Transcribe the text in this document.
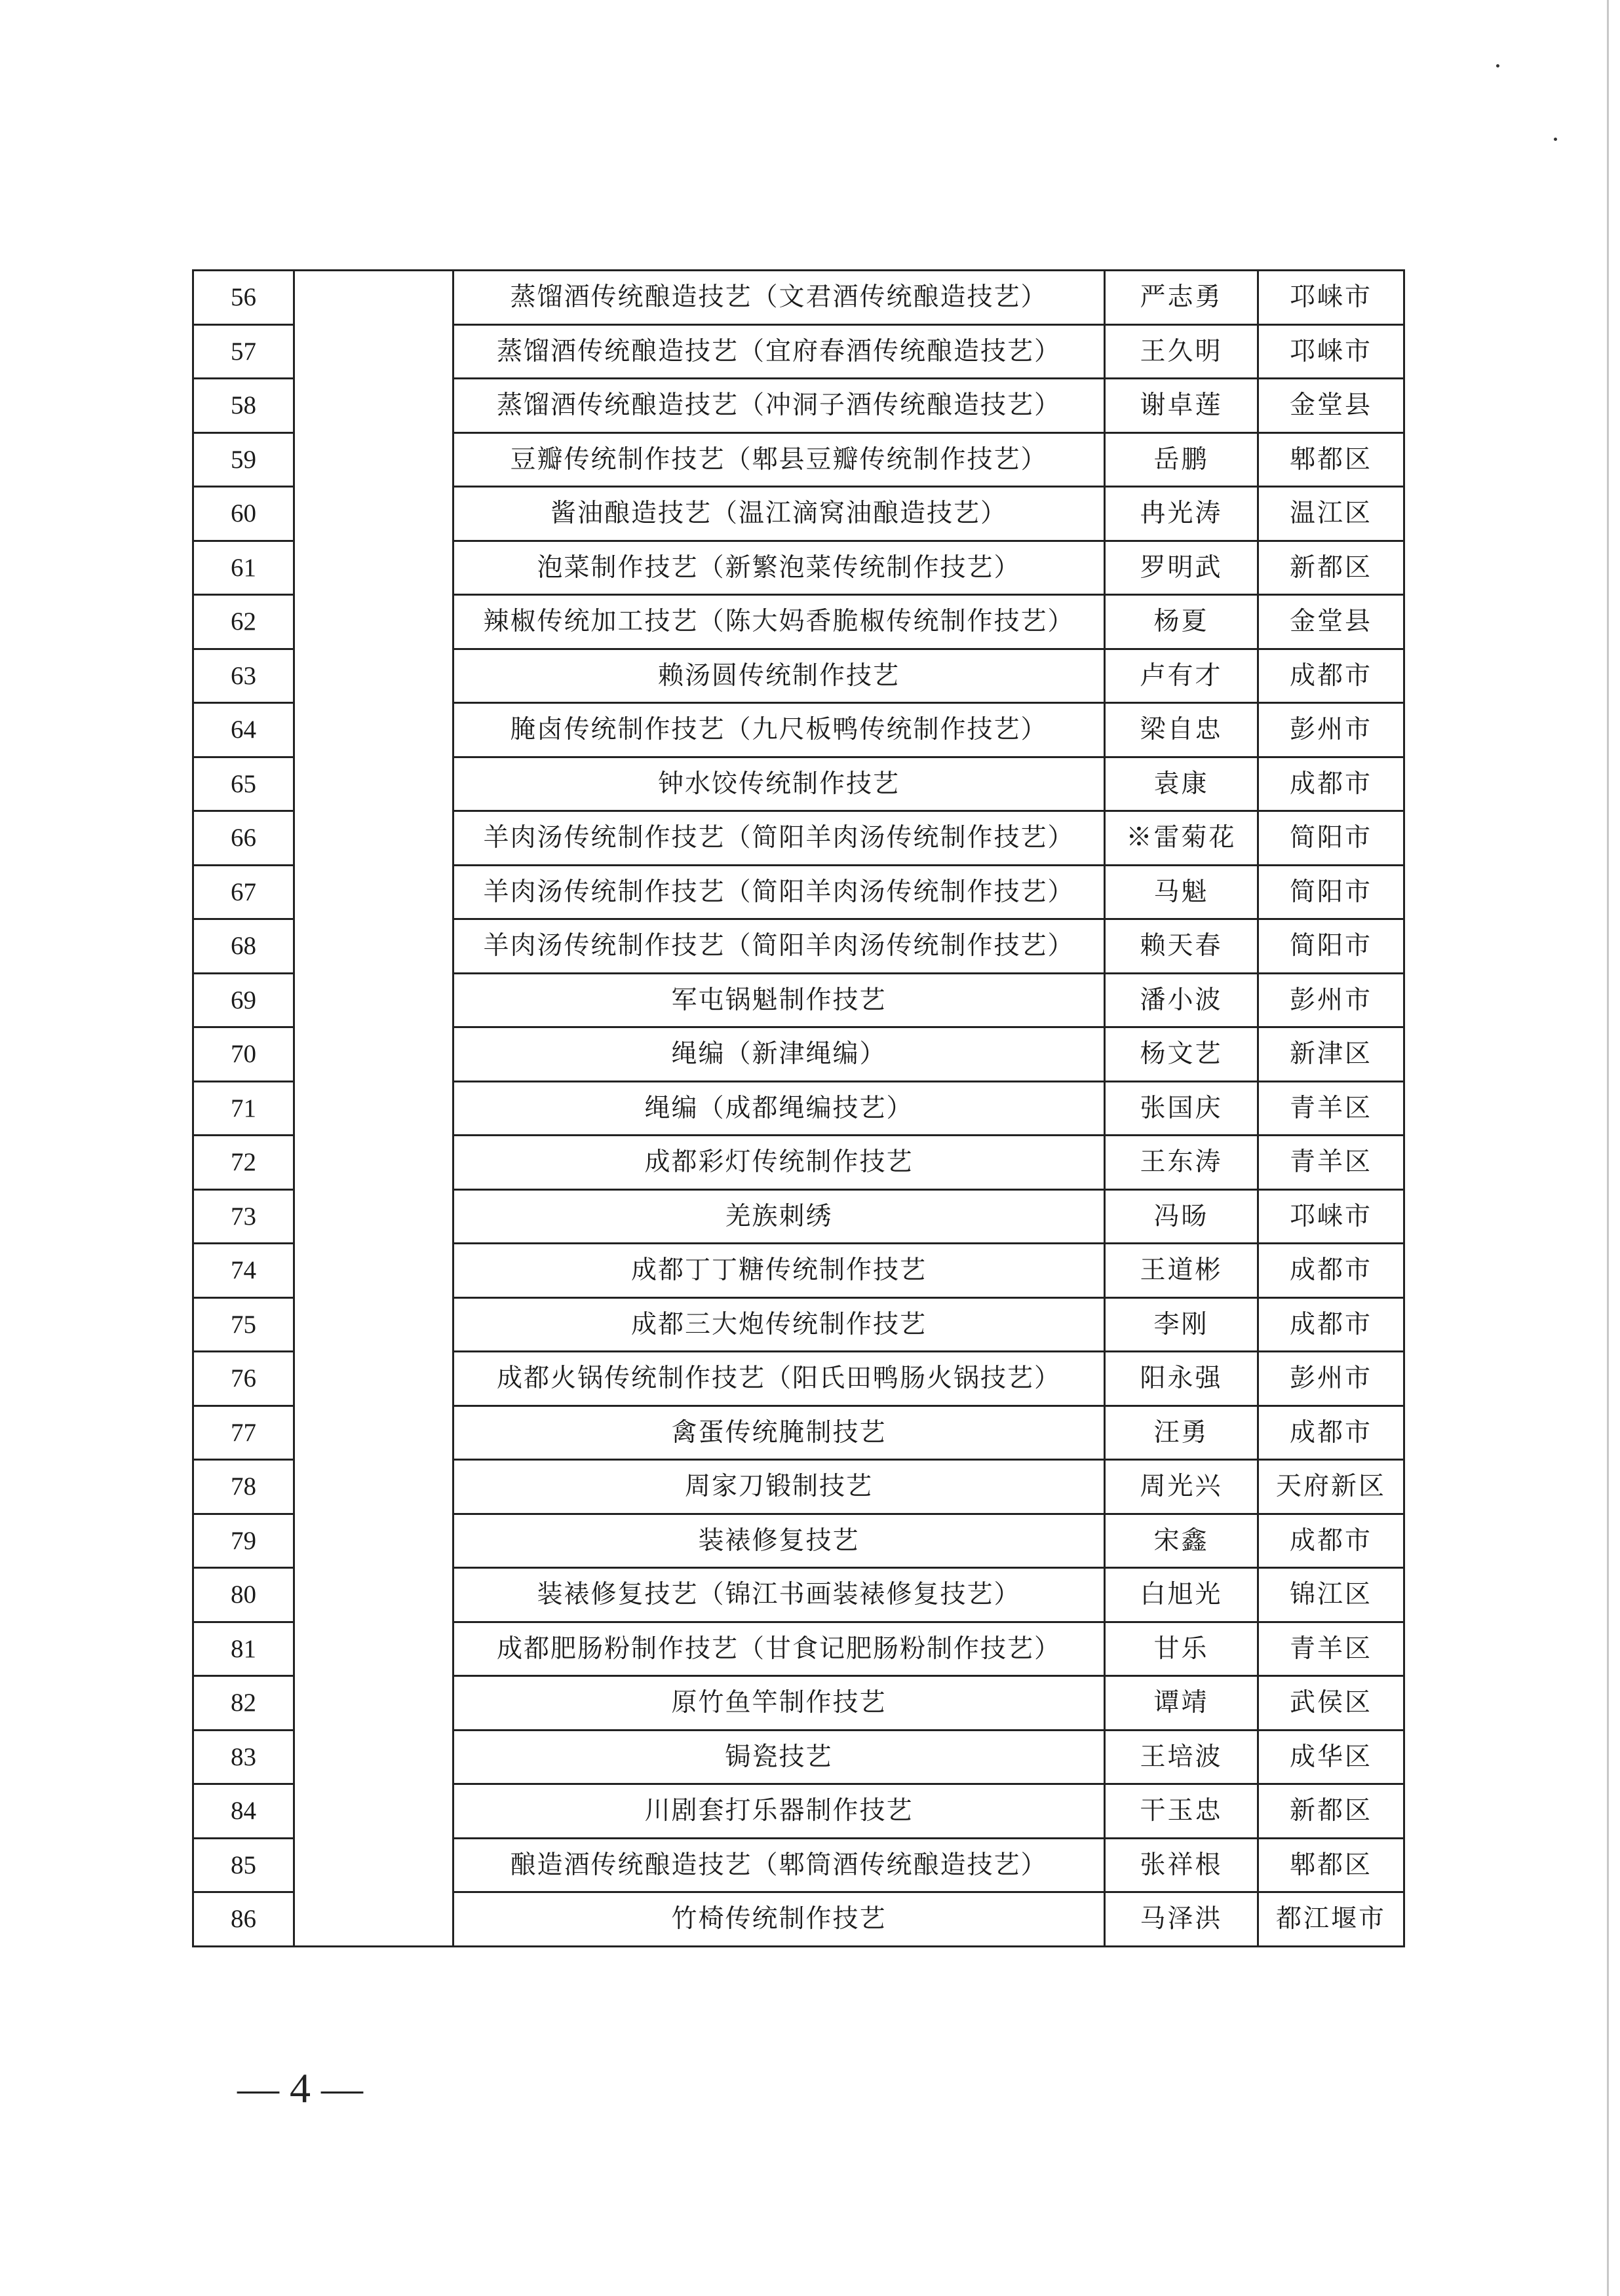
56		蒸馏酒传统酿造技艺（文君酒传统酿造技艺）	严志勇	邛崃市
57		蒸馏酒传统酿造技艺（宜府春酒传统酿造技艺）	王久明	邛崃市
58		蒸馏酒传统酿造技艺（冲洞子酒传统酿造技艺）	谢卓莲	金堂县
59		豆瓣传统制作技艺（郫县豆瓣传统制作技艺）	岳鹏	郫都区
60		酱油酿造技艺（温江滴窝油酿造技艺）	冉光涛	温江区
61		泡菜制作技艺（新繁泡菜传统制作技艺）	罗明武	新都区
62		辣椒传统加工技艺（陈大妈香脆椒传统制作技艺）	杨夏	金堂县
63		赖汤圆传统制作技艺	卢有才	成都市
64		腌卤传统制作技艺（九尺板鸭传统制作技艺）	梁自忠	彭州市
65		钟水饺传统制作技艺	袁康	成都市
66		羊肉汤传统制作技艺（简阳羊肉汤传统制作技艺）	※雷菊花	简阳市
67		羊肉汤传统制作技艺（简阳羊肉汤传统制作技艺）	马魁	简阳市
68		羊肉汤传统制作技艺（简阳羊肉汤传统制作技艺）	赖天春	简阳市
69		军屯锅魁制作技艺	潘小波	彭州市
70		绳编（新津绳编）	杨文艺	新津区
71		绳编（成都绳编技艺）	张国庆	青羊区
72		成都彩灯传统制作技艺	王东涛	青羊区
73		羌族刺绣	冯旸	邛崃市
74		成都丁丁糖传统制作技艺	王道彬	成都市
75		成都三大炮传统制作技艺	李刚	成都市
76		成都火锅传统制作技艺（阳氏田鸭肠火锅技艺）	阳永强	彭州市
77		禽蛋传统腌制技艺	汪勇	成都市
78		周家刀锻制技艺	周光兴	天府新区
79		装裱修复技艺	宋鑫	成都市
80		装裱修复技艺（锦江书画装裱修复技艺）	白旭光	锦江区
81		成都肥肠粉制作技艺（甘食记肥肠粉制作技艺）	甘乐	青羊区
82		原竹鱼竿制作技艺	谭靖	武侯区
83		锔瓷技艺	王培波	成华区
84		川剧套打乐器制作技艺	干玉忠	新都区
85		酿造酒传统酿造技艺（郫筒酒传统酿造技艺）	张祥根	郫都区
86		竹椅传统制作技艺	马泽洪	都江堰市
— 4 —
